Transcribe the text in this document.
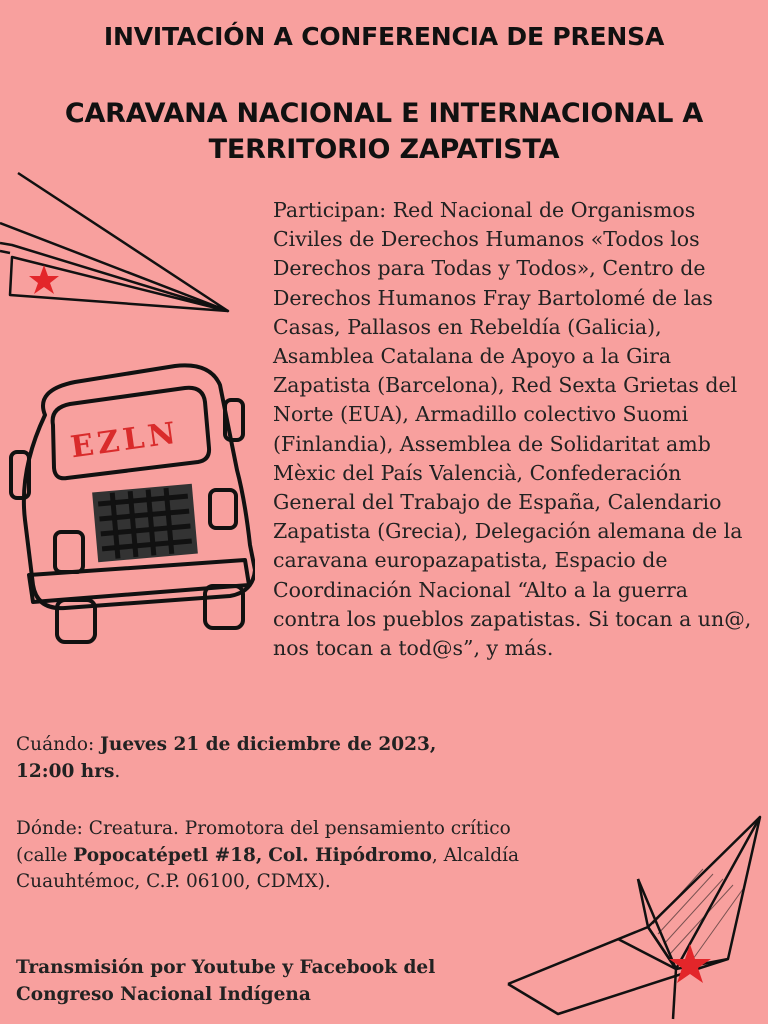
INVITACIÓN A CONFERENCIA DE PRENSA
CARAVANA NACIONAL E INTERNACIONAL A
TERRITORIO ZAPATISTA
EZLN
Participan: Red Nacional de Organismos Civiles de Derechos Humanos «Todos los Derechos para Todas y Todos», Centro de Derechos Humanos Fray Bartolomé de las Casas, Pallasos en Rebeldía (Galicia), Asamblea Catalana de Apoyo a la Gira Zapatista (Barcelona), Red Sexta Grietas del Norte (EUA), Armadillo colectivo Suomi (Finlandia), Assemblea de Solidaritat amb Mèxic del País Valencià, Confederación General del Trabajo de España, Calendario Zapatista (Grecia), Delegación alemana de la caravana europazapatista, Espacio de Coordinación Nacional “Alto a la guerra contra los pueblos zapatistas. Si tocan a un@, nos tocan a tod@s”, y más.
Cuándo: Jueves 21 de diciembre de 2023,
12:00 hrs.
Dónde: Creatura. Promotora del pensamiento crítico (calle Popocatépetl #18, Col. Hipódromo, Alcaldía Cuauhtémoc, C.P. 06100, CDMX).
Transmisión por Youtube y Facebook del Congreso Nacional Indígena
